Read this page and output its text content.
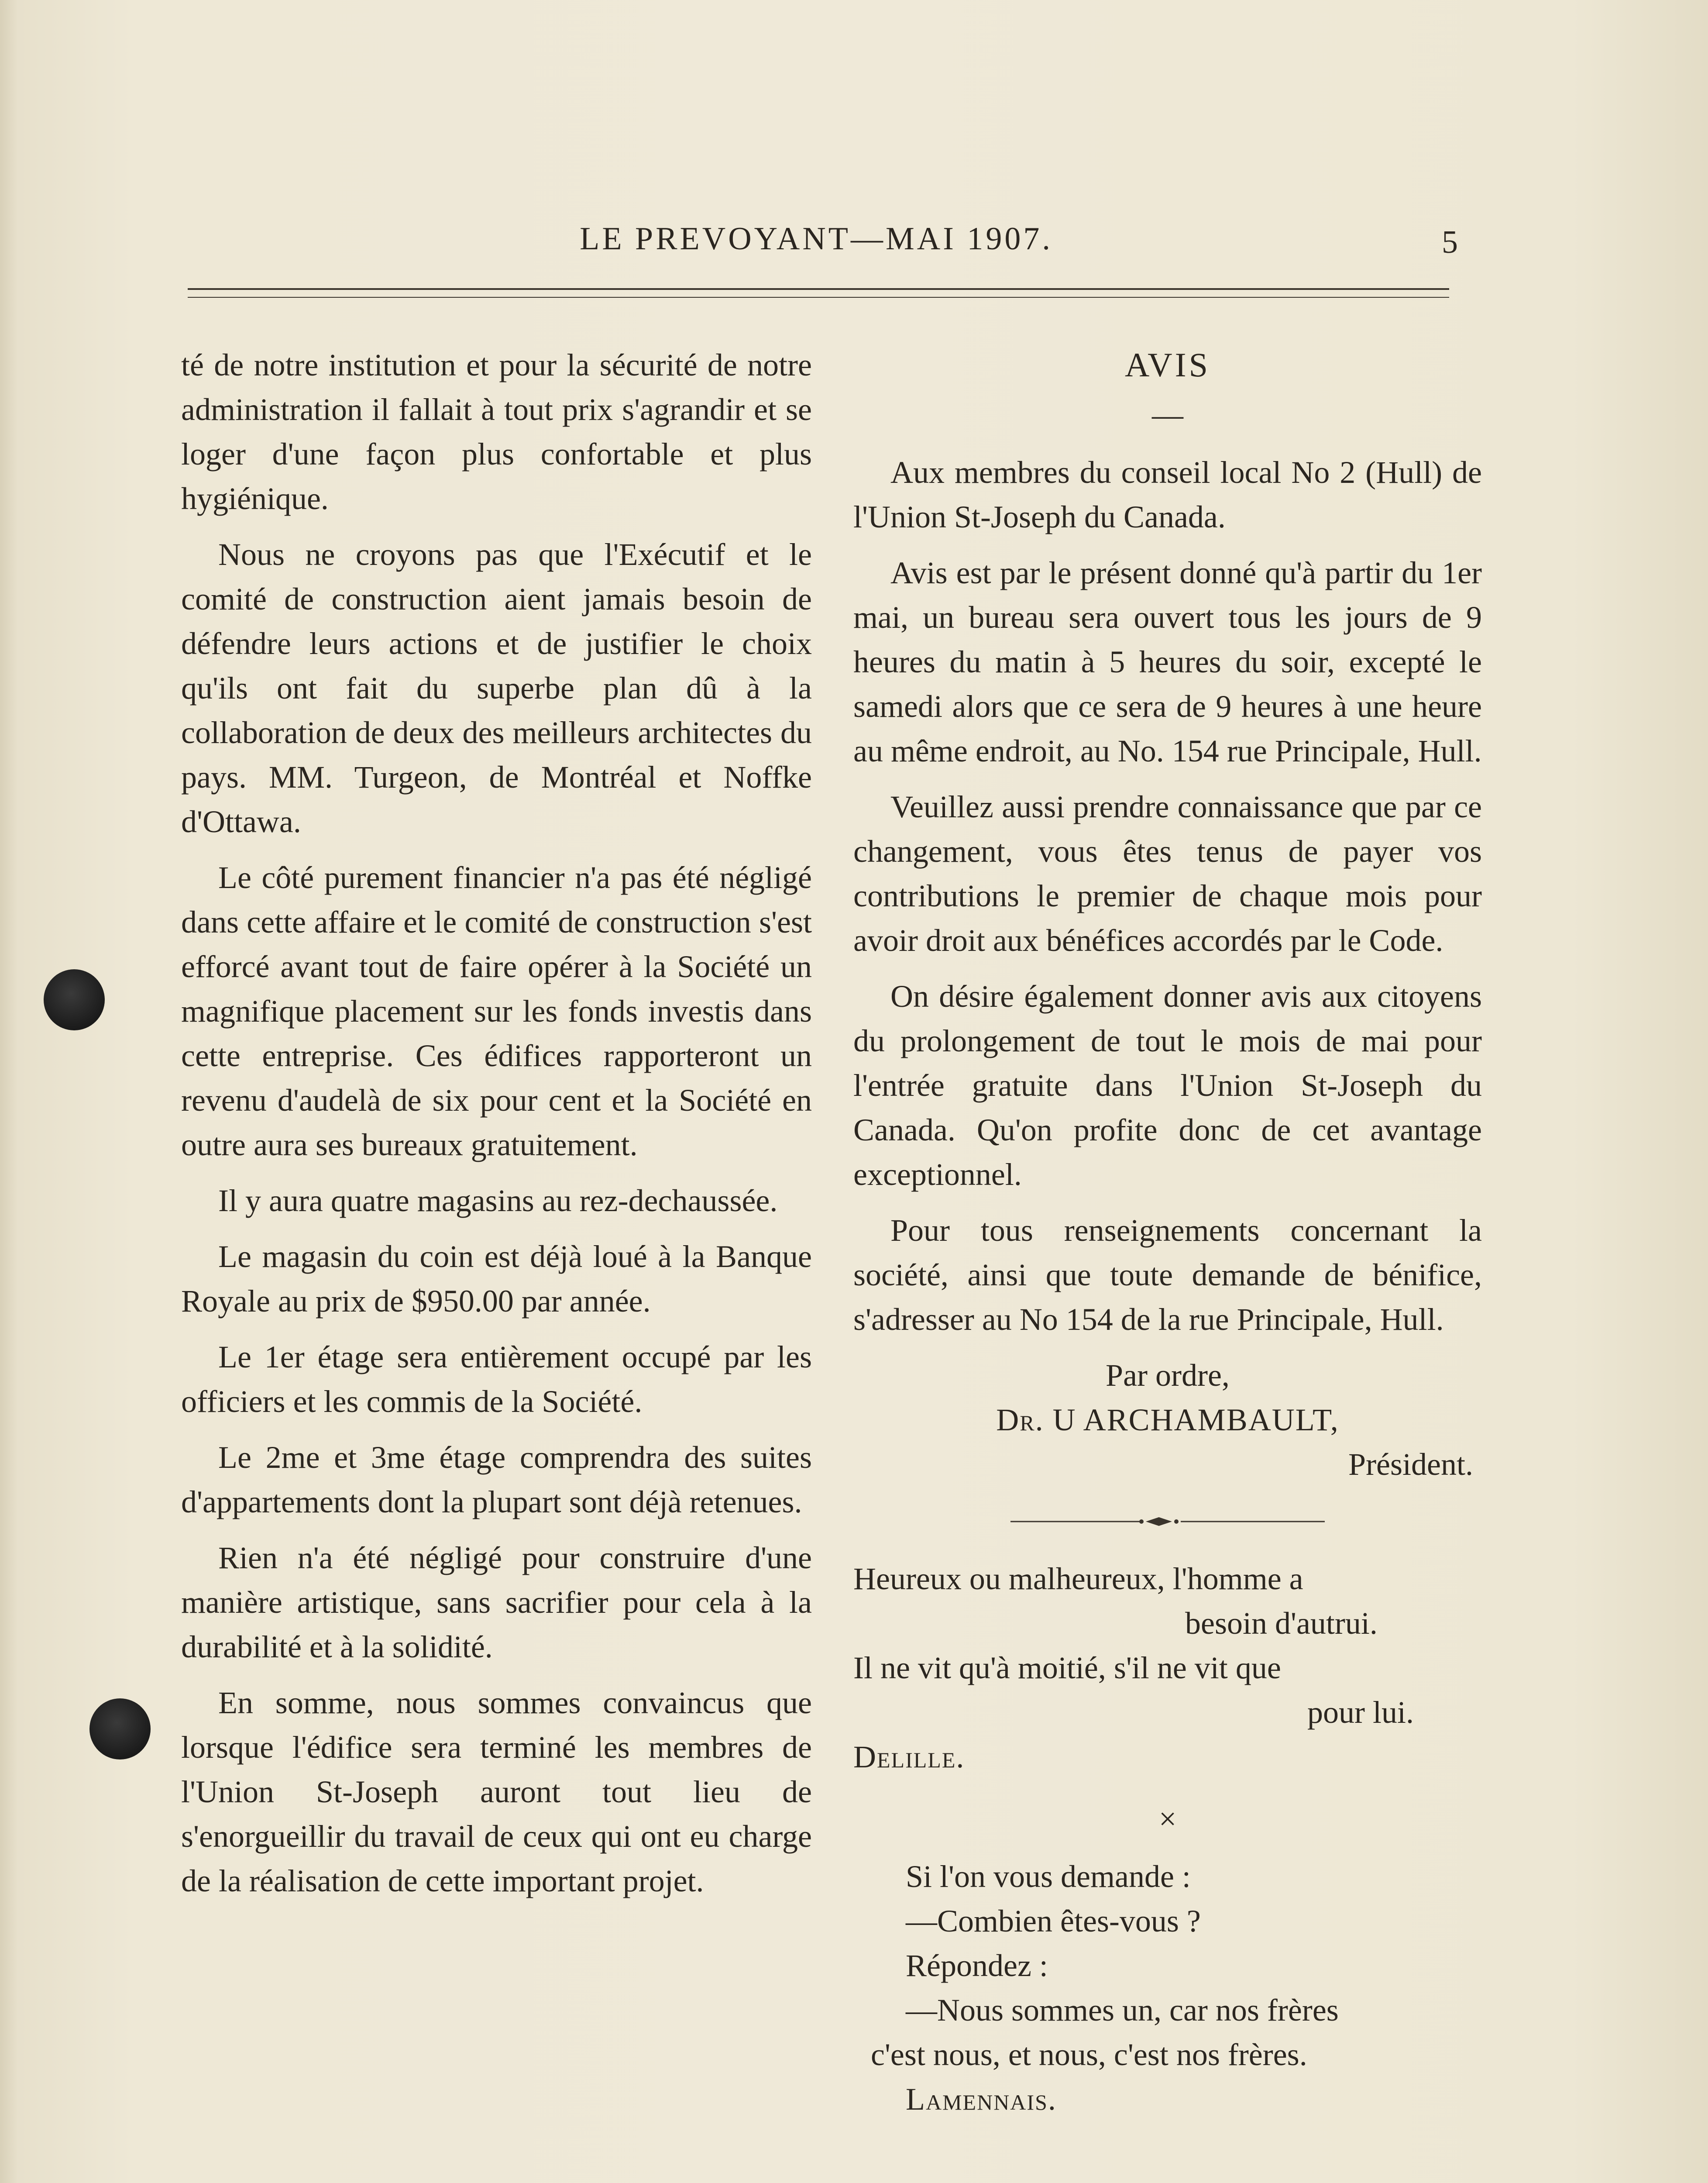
LE PREVOYANT—MAI 1907.	5

té de notre institution et pour la sécurité de notre administration il fallait à tout prix s'agrandir et se loger d'une façon plus confortable et plus hygiénique.

Nous ne croyons pas que l'Exécutif et le comité de construction aient jamais besoin de défendre leurs actions et de justifier le choix qu'ils ont fait du superbe plan dû à la collaboration de deux des meilleurs architectes du pays. MM. Turgeon, de Montréal et Noffke d'Ottawa.

Le côté purement financier n'a pas été négligé dans cette affaire et le comité de construction s'est efforcé avant tout de faire opérer à la Société un magnifique placement sur les fonds investis dans cette entreprise. Ces édifices rapporteront un revenu d'audelà de six pour cent et la Société en outre aura ses bureaux gratuitement.

Il y aura quatre magasins au rez-dechaussée.

Le magasin du coin est déjà loué à la Banque Royale au prix de $950.00 par année.

Le 1er étage sera entièrement occupé par les officiers et les commis de la Société.

Le 2me et 3me étage comprendra des suites d'appartements dont la plupart sont déjà retenues.

Rien n'a été négligé pour construire d'une manière artistique, sans sacrifier pour cela à la durabilité et à la solidité.

En somme, nous sommes convaincus que lorsque l'édifice sera terminé les membres de l'Union St-Joseph auront tout lieu de s'enorgueillir du travail de ceux qui ont eu charge de la réalisation de cette important projet.

AVIS
—

Aux membres du conseil local No 2 (Hull) de l'Union St-Joseph du Canada.

Avis est par le présent donné qu'à partir du 1er mai, un bureau sera ouvert tous les jours de 9 heures du matin à 5 heures du soir, excepté le samedi alors que ce sera de 9 heures à une heure au même endroit, au No. 154 rue Principale, Hull.

Veuillez aussi prendre connaissance que par ce changement, vous êtes tenus de payer vos contributions le premier de chaque mois pour avoir droit aux bénéfices accordés par le Code.

On désire également donner avis aux citoyens du prolongement de tout le mois de mai pour l'entrée gratuite dans l'Union St-Joseph du Canada. Qu'on profite donc de cet avantage exceptionnel.

Pour tous renseignements concernant la société, ainsi que toute demande de bénifice, s'adresser au No 154 de la rue Principale, Hull.

Par ordre,

Dr. U ARCHAMBAULT,

Président.

Heureux ou malheureux, l'homme a

besoin d'autrui.

Il ne vit qu'à moitié, s'il ne vit que

pour lui.

Delille.

×

Si l'on vous demande :

—Combien êtes-vous ?

Répondez :

—Nous sommes un, car nos frères

c'est nous, et nous, c'est nos frères.

Lamennais.
